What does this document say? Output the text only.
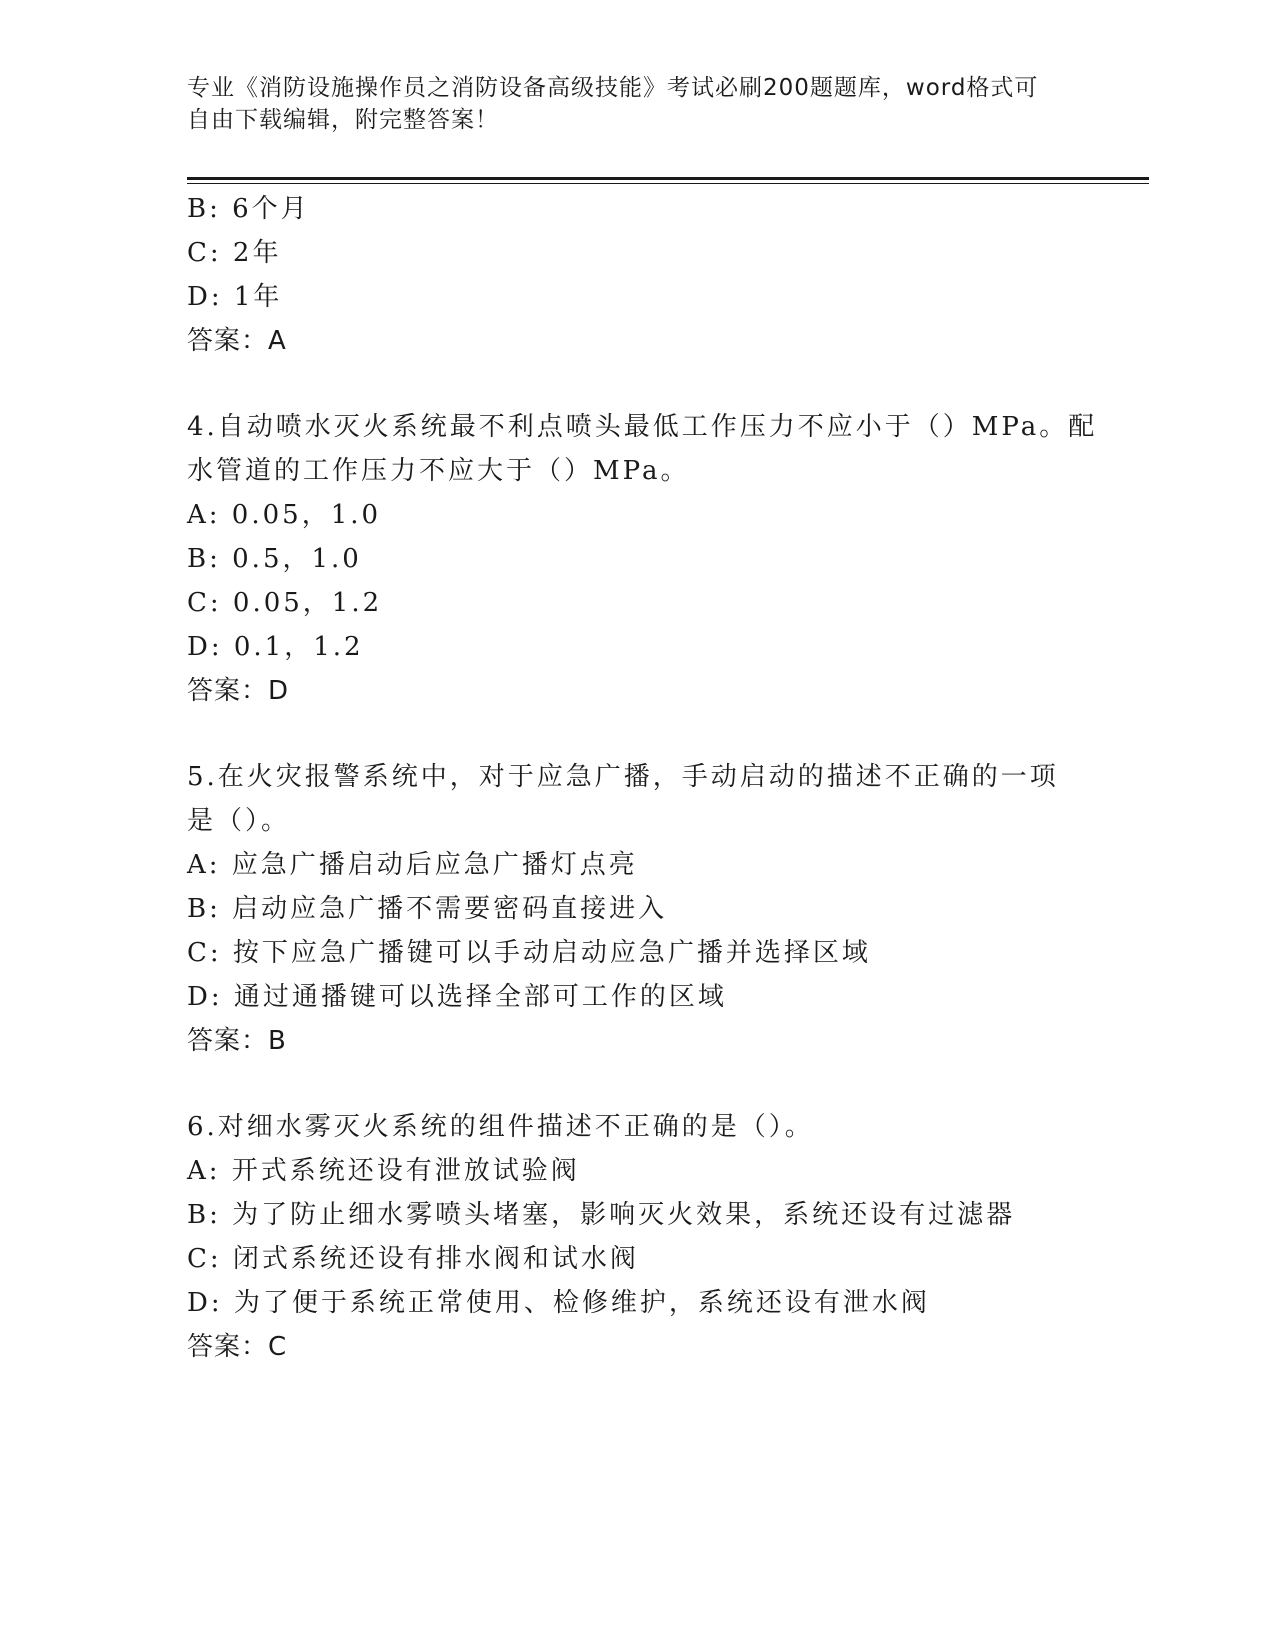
专业《消防设施操作员之消防设备高级技能》考试必刷200题题库，word格式可
自由下载编辑，附完整答案！
B: 6个月
C: 2年
D: 1年
答案：A
4.自动喷水灭火系统最不利点喷头最低工作压力不应小于（）MPa。配
水管道的工作压力不应大于（）MPa。
A: 0.05，1.0
B: 0.5，1.0
C: 0.05，1.2
D: 0.1，1.2
答案：D
5.在火灾报警系统中，对于应急广播，手动启动的描述不正确的一项
是（）。
A: 应急广播启动后应急广播灯点亮
B: 启动应急广播不需要密码直接进入
C: 按下应急广播键可以手动启动应急广播并选择区域
D: 通过通播键可以选择全部可工作的区域
答案：B
6.对细水雾灭火系统的组件描述不正确的是（）。
A: 开式系统还设有泄放试验阀
B: 为了防止细水雾喷头堵塞，影响灭火效果，系统还设有过滤器
C: 闭式系统还设有排水阀和试水阀
D: 为了便于系统正常使用、检修维护，系统还设有泄水阀
答案：C
